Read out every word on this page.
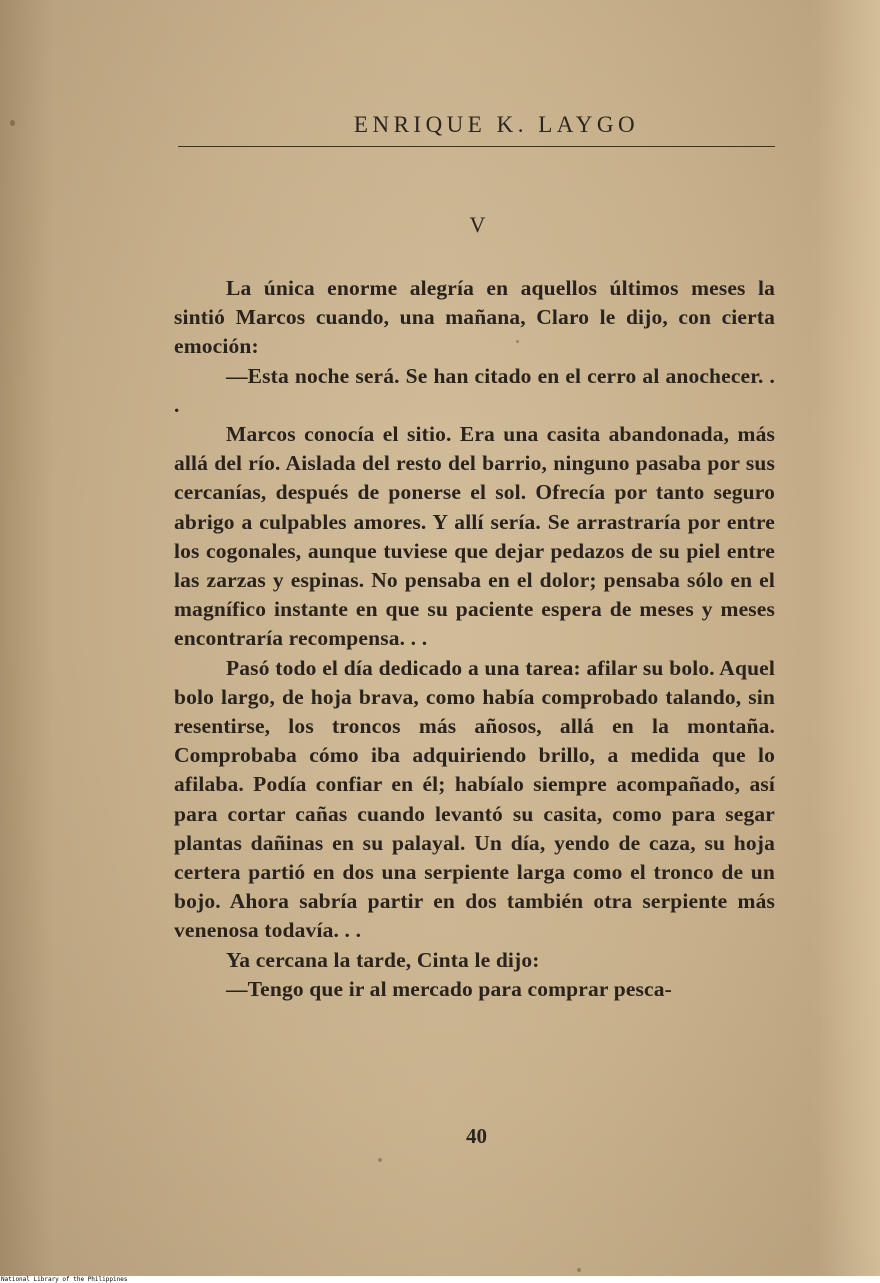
ENRIQUE K. LAYGO
V

La única enorme alegría en aquellos últimos meses la sintió Marcos cuando, una mañana, Claro le dijo, con cierta emoción:

—Esta noche será. Se han citado en el cerro al anochecer. . .

Marcos conocía el sitio. Era una casita abandonada, más allá del río. Aislada del resto del barrio, ninguno pasaba por sus cercanías, después de ponerse el sol. Ofrecía por tanto seguro abrigo a culpables amores. Y allí sería. Se arrastraría por entre los cogonales, aunque tuviese que dejar pedazos de su piel entre las zarzas y espinas. No pensaba en el dolor; pensaba sólo en el magnífico instante en que su paciente espera de meses y meses encontraría recompensa. . .

Pasó todo el día dedicado a una tarea: afilar su bolo. Aquel bolo largo, de hoja brava, como había comprobado talando, sin resentirse, los troncos más añosos, allá en la montaña. Comprobaba cómo iba adquiriendo brillo, a medida que lo afilaba. Podía confiar en él; habíalo siempre acompañado, así para cortar cañas cuando levantó su casita, como para segar plantas dañinas en su palayal. Un día, yendo de caza, su hoja certera partió en dos una serpiente larga como el tronco de un bojo. Ahora sabría partir en dos también otra serpiente más venenosa todavía. . .

Ya cercana la tarde, Cinta le dijo:

—Tengo que ir al mercado para comprar pesca-

40
National Library of the Philippines
